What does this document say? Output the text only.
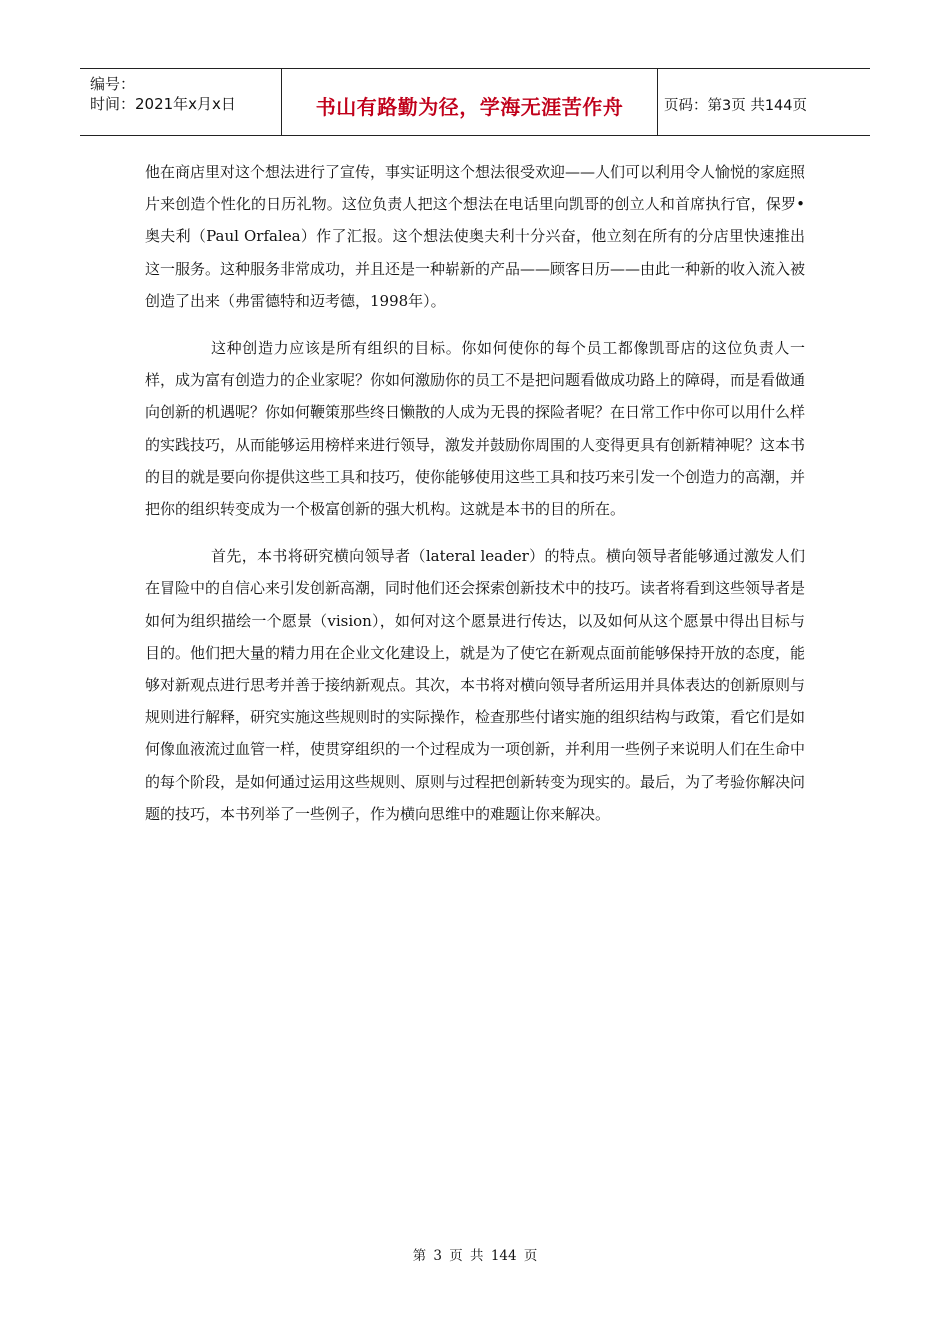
编号：
时间：2021年x月x日	书山有路勤为径，学海无涯苦作舟	页码：第3页 共144页

他在商店里对这个想法进行了宣传，事实证明这个想法很受欢迎——人们可以利用令人愉悦的家庭照片来创造个性化的日历礼物。这位负责人把这个想法在电话里向凯哥的创立人和首席执行官，保罗•奥夫利（Paul Orfalea）作了汇报。这个想法使奥夫利十分兴奋，他立刻在所有的分店里快速推出这一服务。这种服务非常成功，并且还是一种崭新的产品——顾客日历——由此一种新的收入流入被创造了出来（弗雷德特和迈考德，1998年）。

这种创造力应该是所有组织的目标。你如何使你的每个员工都像凯哥店的这位负责人一样，成为富有创造力的企业家呢？你如何激励你的员工不是把问题看做成功路上的障碍，而是看做通向创新的机遇呢？你如何鞭策那些终日懒散的人成为无畏的探险者呢？在日常工作中你可以用什么样的实践技巧，从而能够运用榜样来进行领导，激发并鼓励你周围的人变得更具有创新精神呢？这本书的目的就是要向你提供这些工具和技巧，使你能够使用这些工具和技巧来引发一个创造力的高潮，并把你的组织转变成为一个极富创新的强大机构。这就是本书的目的所在。

首先，本书将研究横向领导者（lateral leader）的特点。横向领导者能够通过激发人们在冒险中的自信心来引发创新高潮，同时他们还会探索创新技术中的技巧。读者将看到这些领导者是如何为组织描绘一个愿景（vision），如何对这个愿景进行传达，以及如何从这个愿景中得出目标与目的。他们把大量的精力用在企业文化建设上，就是为了使它在新观点面前能够保持开放的态度，能够对新观点进行思考并善于接纳新观点。其次，本书将对横向领导者所运用并具体表达的创新原则与规则进行解释，研究实施这些规则时的实际操作，检查那些付诸实施的组织结构与政策，看它们是如何像血液流过血管一样，使贯穿组织的一个过程成为一项创新，并利用一些例子来说明人们在生命中的每个阶段，是如何通过运用这些规则、原则与过程把创新转变为现实的。最后，为了考验你解决问题的技巧，本书列举了一些例子，作为横向思维中的难题让你来解决。

第 3 页 共 144 页
